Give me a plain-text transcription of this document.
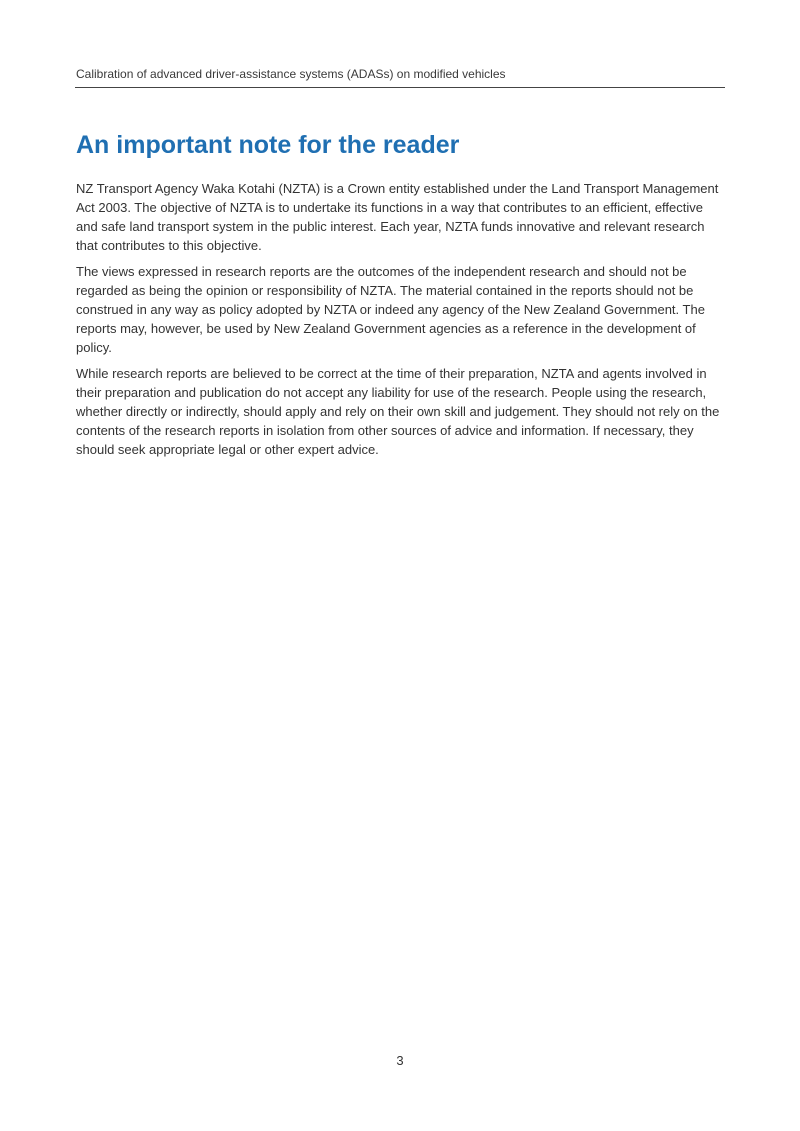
Calibration of advanced driver-assistance systems (ADASs) on modified vehicles
An important note for the reader

NZ Transport Agency Waka Kotahi (NZTA) is a Crown entity established under the Land Transport Management Act 2003. The objective of NZTA is to undertake its functions in a way that contributes to an efficient, effective and safe land transport system in the public interest. Each year, NZTA funds innovative and relevant research that contributes to this objective.

The views expressed in research reports are the outcomes of the independent research and should not be regarded as being the opinion or responsibility of NZTA. The material contained in the reports should not be construed in any way as policy adopted by NZTA or indeed any agency of the New Zealand Government. The reports may, however, be used by New Zealand Government agencies as a reference in the development of policy.

While research reports are believed to be correct at the time of their preparation, NZTA and agents involved in their preparation and publication do not accept any liability for use of the research. People using the research, whether directly or indirectly, should apply and rely on their own skill and judgement. They should not rely on the contents of the research reports in isolation from other sources of advice and information. If necessary, they should seek appropriate legal or other expert advice.

3
